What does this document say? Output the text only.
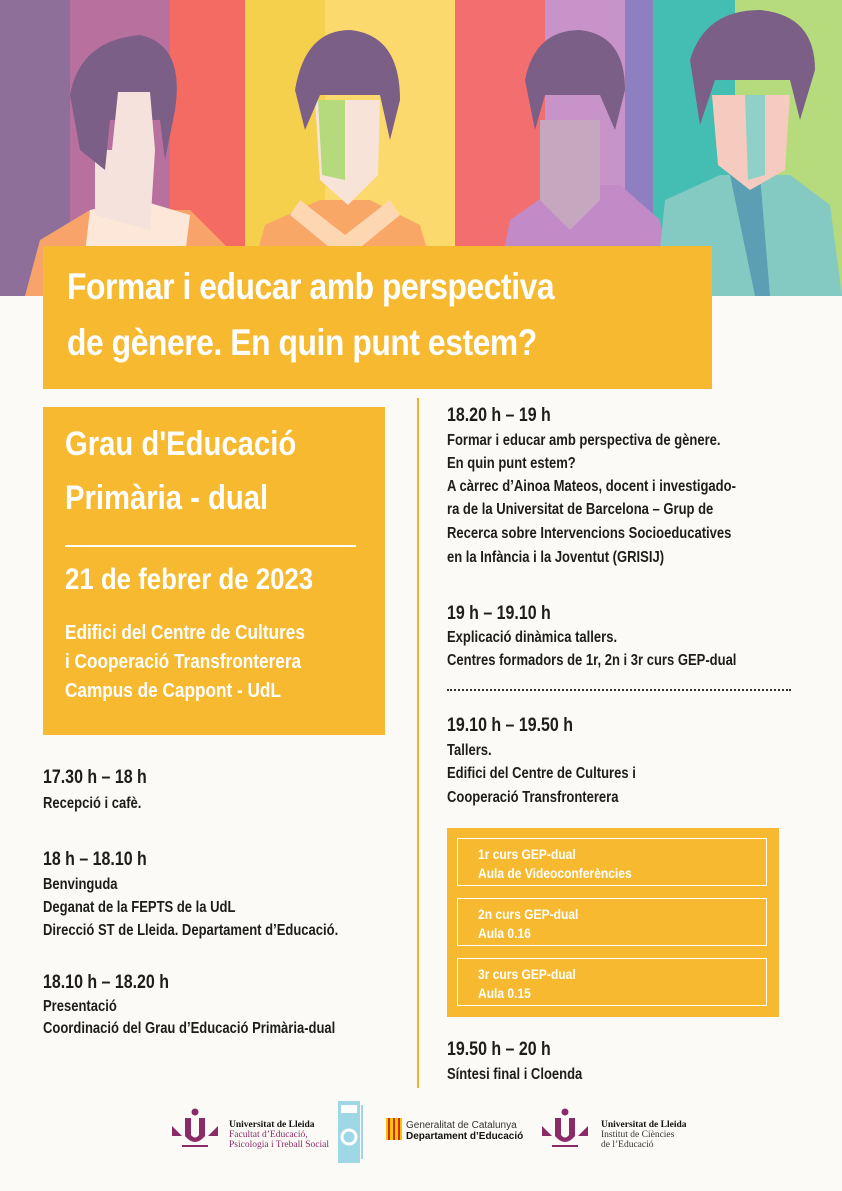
Formar i educar amb perspectiva
de gènere. En quin punt estem?
Grau d'Educació
Primària - dual
21 de febrer de 2023
Edifici del Centre de Cultures
i Cooperació Transfronterera
Campus de Cappont - UdL
17.30 h – 18 h
Recepció i cafè.
18 h – 18.10 h
Benvinguda
Deganat de la FEPTS de la UdL
Direcció ST de Lleida. Departament d’Educació.
18.10 h – 18.20 h
Presentació
Coordinació del Grau d’Educació Primària-dual
18.20 h – 19 h
Formar i educar amb perspectiva de gènere.
En quin punt estem?
A càrrec d’Ainoa Mateos, docent i investigado-
ra de la Universitat de Barcelona – Grup de
Recerca sobre Intervencions Socioeducatives
en la Infància i la Joventut (GRISIJ)
19 h – 19.10 h
Explicació dinàmica tallers.
Centres formadors de 1r, 2n i 3r curs GEP-dual
19.10 h – 19.50 h
Tallers.
Edifici del Centre de Cultures i
Cooperació Transfronterera
1r curs GEP-dual
Aula de Videoconferències
2n curs GEP-dual
Aula 0.16
3r curs GEP-dual
Aula 0.15
19.50 h – 20 h
Síntesi final i Cloenda
Universitat de Lleida
Facultat d’Educació,
Psicologia i Treball Social
Generalitat de Catalunya
Departament d’Educació
Universitat de Lleida
Institut de Ciències
de l’Educació
